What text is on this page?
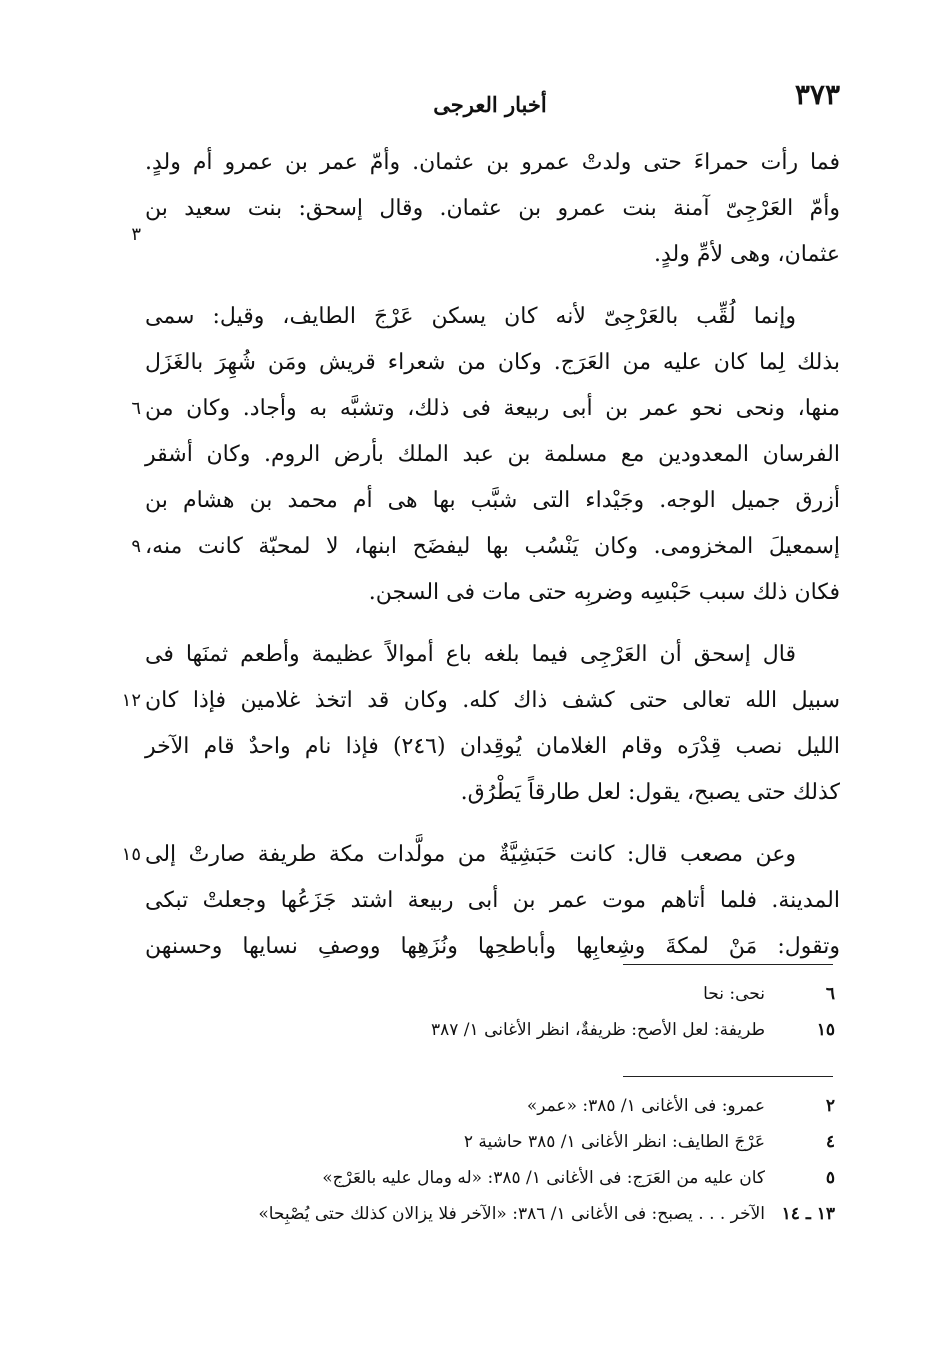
٣٧٣
أخبار العرجى
فما رأت حمراءَ حتى ولدتْ عمرو بن عثمان. وأمّ عمر بن عمرو أم ولدٍ.
وأمّ العَرْجِىّ آمنة بنت عمرو بن عثمان. وقال إسحق: بنت سعيد بن
عثمان، وهى لأمِّ ولدٍ.
٣
وإنما لُقِّب بالعَرْجِىّ لأنه كان يسكن عَرْجَ الطايف، وقيل: سمى
بذلك لِما كان عليه من العَرَج. وكان من شعراء قريش ومَن شُهِرَ بالغَزَل
منها، ونحى نحو عمر بن أبى ربيعة فى ذلك، وتشبَّه به وأجاد. وكان من
٦
الفرسان المعدودين مع مسلمة بن عبد الملك بأرض الروم. وكان أشقر
أزرق جميل الوجه. وجَيْداء التى شبَّب بها هى أم محمد بن هشام بن
إسمعيلَ المخزومى. وكان يَنْسُب بها ليفضَح ابنها، لا لمحبّة كانت منه،
٩
فكان ذلك سبب حَبْسِه وضربِه حتى مات فى السجن.
قال إسحق أن العَرْجِى فيما بلغه باع أموالاً عظيمة وأطعم ثمنَها فى
سبيل الله تعالى حتى كشف ذاك كله. وكان قد اتخذ غلامين فإذا كان
١٢
الليل نصب قِدْرَه وقام الغلامان يُوقِدان (٢٤٦) فإذا نام واحدٌ قام الآخر
كذلك حتى يصبح، يقول: لعل طارقاً يَطْرُق.
وعن مصعب قال: كانت حَبَشِيَّةٌ من مولَّدات مكة طريفة صارتْ إلى
١٥
المدينة. فلما أتاهم موت عمر بن أبى ربيعة اشتد جَزَعُها وجعلتْ تبكى
وتقول: مَنْ لمكةَ وشِعابِها وأباطحِها ونُزَهِها ووصفِ نسايها وحسنهن
٦
نحى: نحا
١٥
طريفة: لعل الأصح: ظريفةٌ، انظر الأغانى ١/ ٣٨٧
٢
عمرو: فى الأغانى ١/ ٣٨٥: «عمر»
٤
عَرْجَ الطايف: انظر الأغانى ١/ ٣٨٥ حاشية ٢
٥
كان عليه من العَرَج: فى الأغانى ١/ ٣٨٥: «له ومال عليه بالعَرْج»
١٣ ـ ١٤
الآخر . . . يصبح: فى الأغانى ١/ ٣٨٦: «الآخر فلا يزالان كذلك حتى يُصْبِحا»
